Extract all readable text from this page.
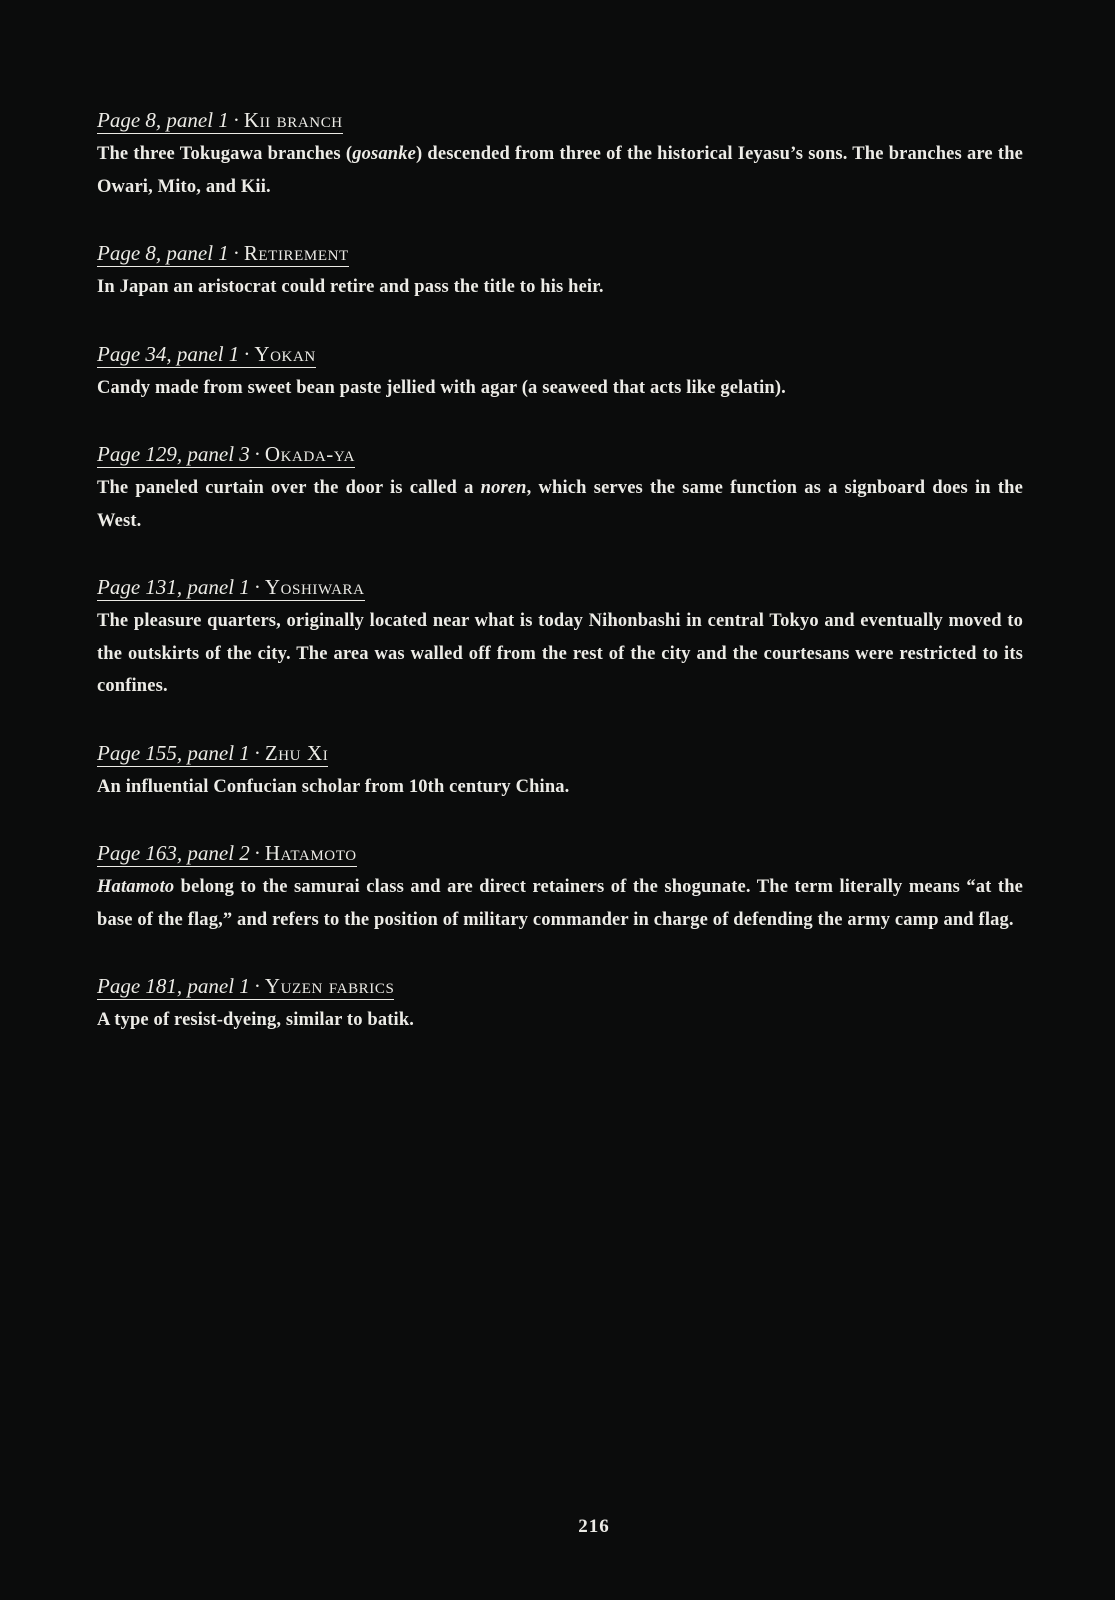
Page 8, panel 1 · Kii branch

The three Tokugawa branches (gosanke) descended from three of the historical Ieyasu’s sons. The branches are the Owari, Mito, and Kii.

Page 8, panel 1 · Retirement

In Japan an aristocrat could retire and pass the title to his heir.

Page 34, panel 1 · Yokan

Candy made from sweet bean paste jellied with agar (a seaweed that acts like gelatin).

Page 129, panel 3 · Okada-ya

The paneled curtain over the door is called a noren, which serves the same function as a signboard does in the West.

Page 131, panel 1 · Yoshiwara

The pleasure quarters, originally located near what is today Nihonbashi in central Tokyo and eventually moved to the outskirts of the city. The area was walled off from the rest of the city and the courtesans were restricted to its confines.

Page 155, panel 1 · Zhu Xi

An influential Confucian scholar from 10th century China.

Page 163, panel 2 · Hatamoto

Hatamoto belong to the samurai class and are direct retainers of the shogunate. The term literally means “at the base of the flag,” and refers to the position of military commander in charge of defending the army camp and flag.

Page 181, panel 1 · Yuzen fabrics

A type of resist-dyeing, similar to batik.

216
